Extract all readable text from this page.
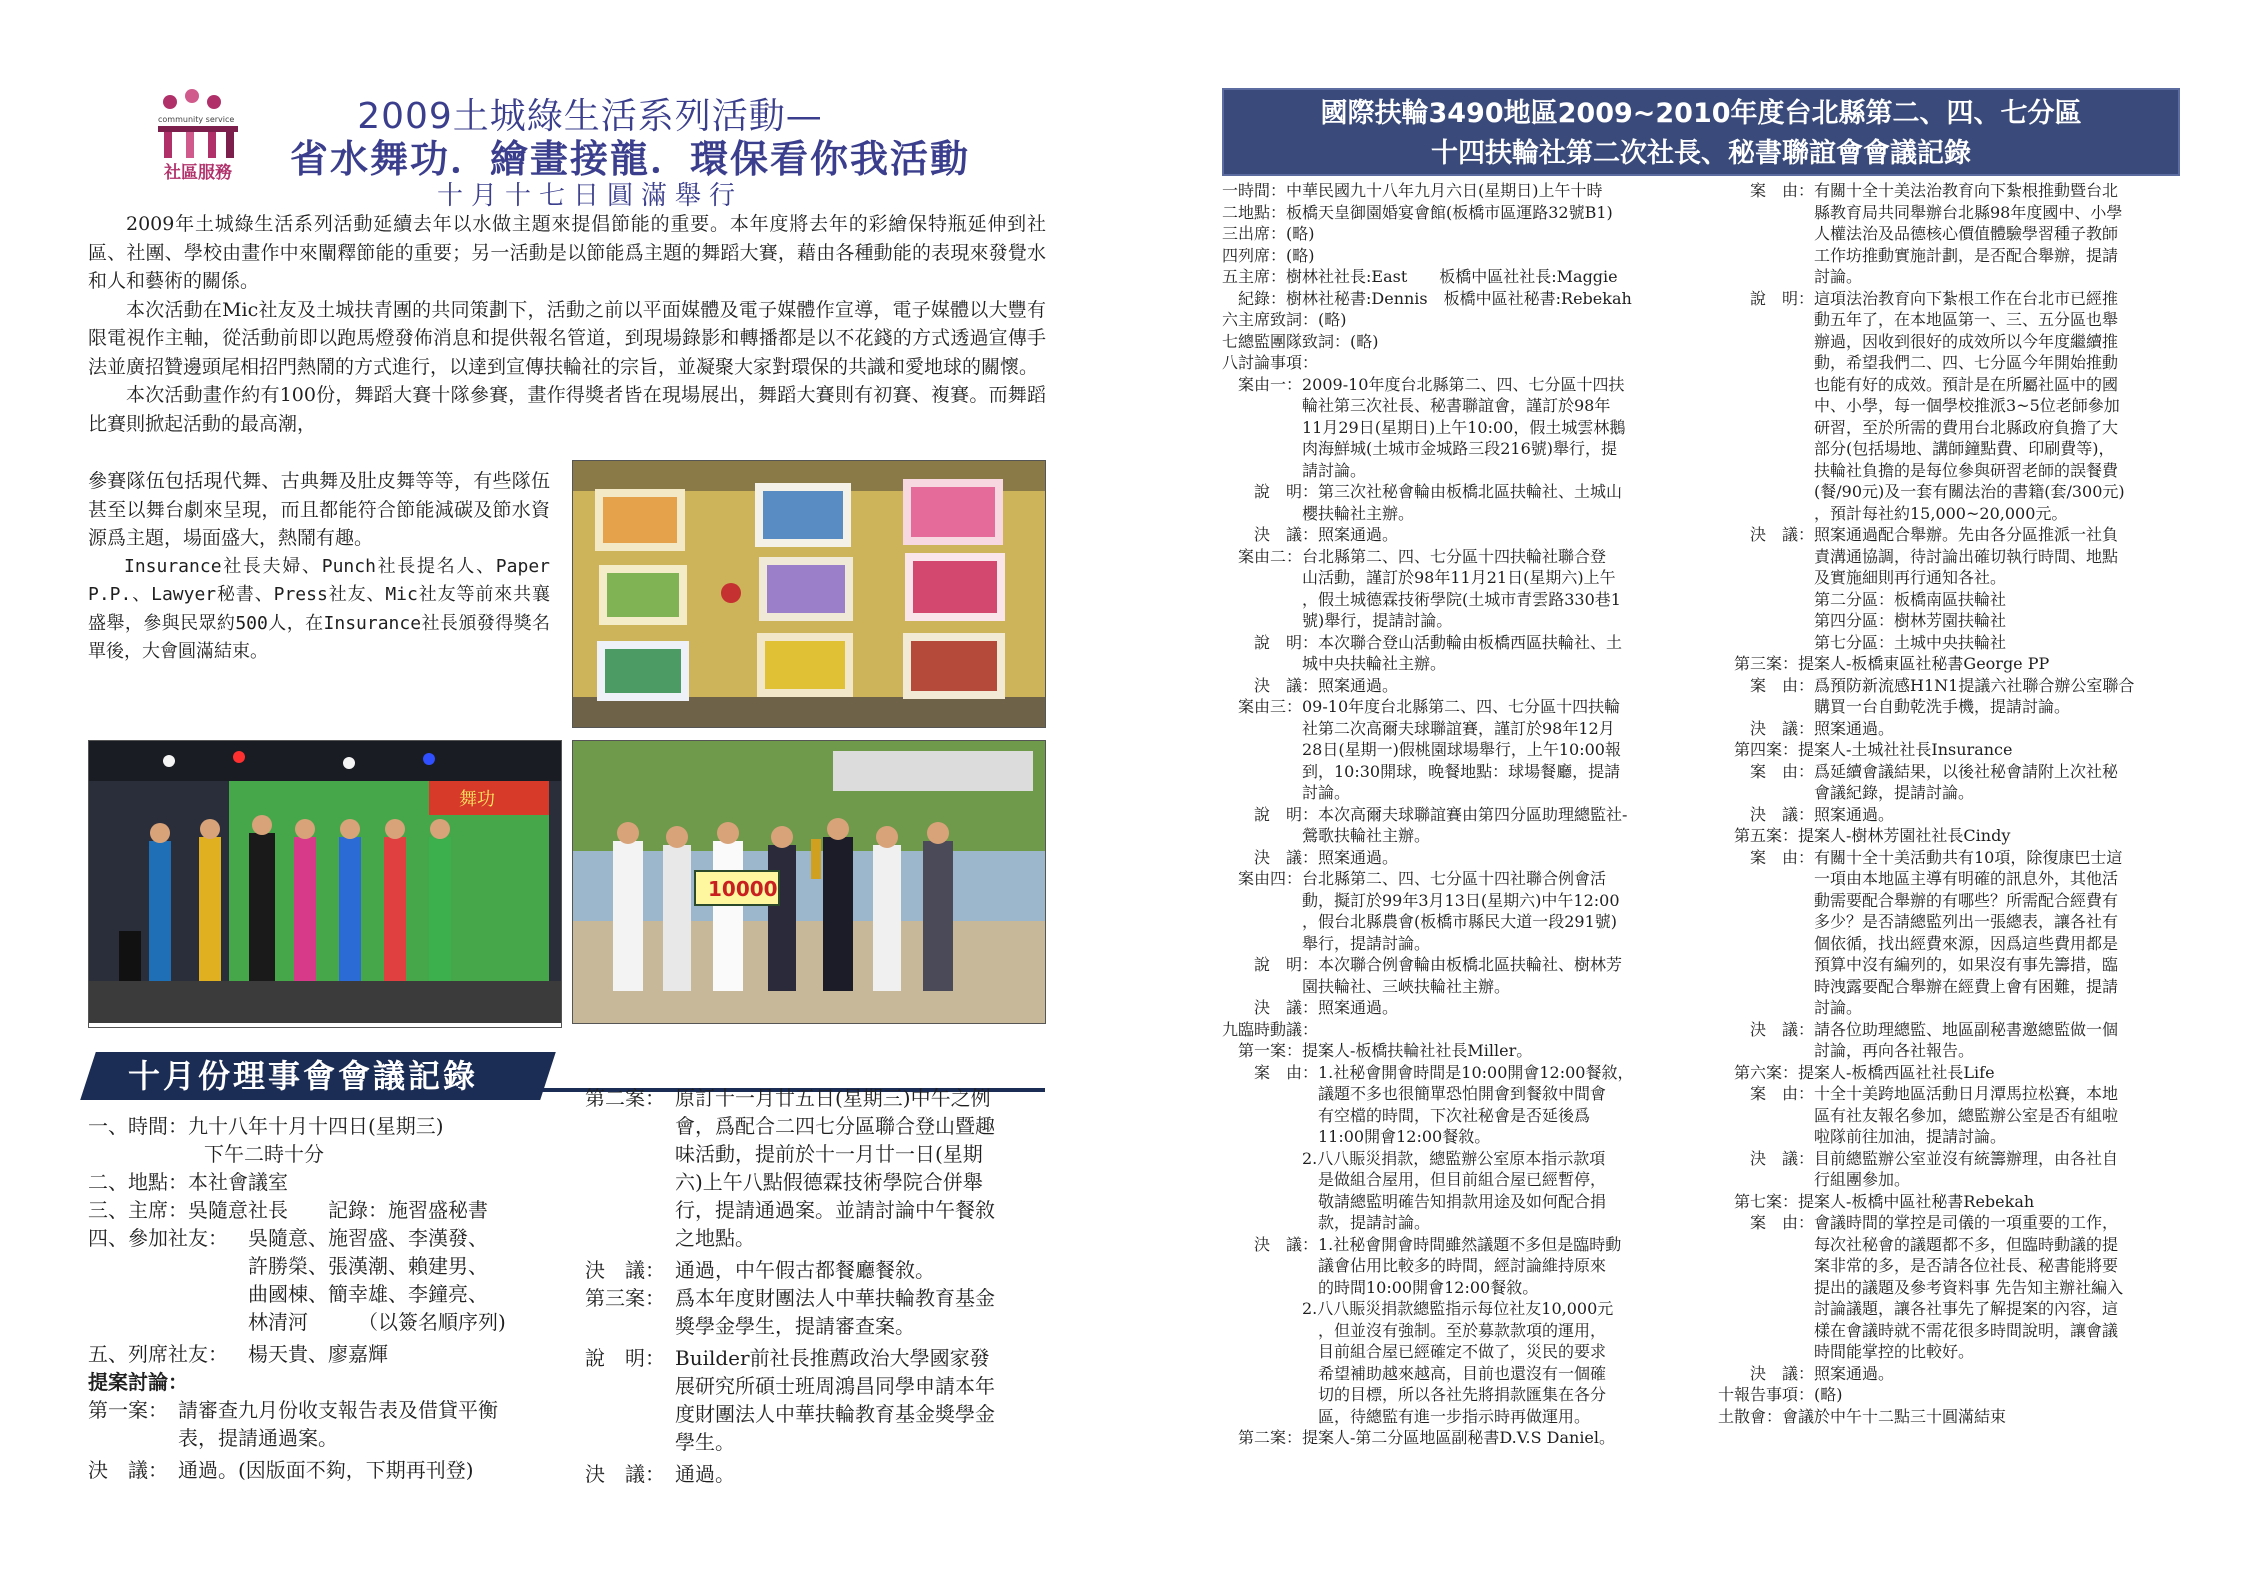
community service
社區服務
2009土城綠生活系列活動—
省水舞功．繪畫接龍．環保看你我活動
十月十七日圓滿舉行

2009年土城綠生活系列活動延續去年以水做主題來提倡節能的重要。本年度將去年的彩繪保特瓶延伸到社區、社團、學校由畫作中來闡釋節能的重要；另一活動是以節能爲主題的舞蹈大賽，藉由各種動能的表現來發覺水和人和藝術的關係。

本次活動在Mic社友及土城扶青團的共同策劃下，活動之前以平面媒體及電子媒體作宣導，電子媒體以大豐有限電視作主軸，從活動前即以跑馬燈發佈消息和提供報名管道，到現場錄影和轉播都是以不花錢的方式透過宣傳手法並廣招贊邊頭尾相招門熱鬧的方式進行，以達到宣傳扶輪社的宗旨，並凝聚大家對環保的共識和愛地球的關懷。

本次活動畫作約有100份，舞蹈大賽十隊參賽，畫作得獎者皆在現場展出，舞蹈大賽則有初賽、複賽。而舞蹈比賽則掀起活動的最高潮，

參賽隊伍包括現代舞、古典舞及肚皮舞等等，有些隊伍甚至以舞台劇來呈現，而且都能符合節能減碳及節水資源爲主題，場面盛大，熱鬧有趣。

Insurance社長夫婦、Punch社長提名人、Paper P.P.、Lawyer秘書、Press社友、Mic社友等前來共襄盛舉，參與民眾約500人，在Insurance社長頒發得獎名單後，大會圓滿結束。

舞功
10000
十月份理事會會議記錄
一、時間： 九十八年十月十四日(星期三)
下午二時十分
二、地點： 本社會議室
三、主席： 吳隨意社長　　記錄：施習盛秘書
四、參加社友： 吳隨意、施習盛、李漢發、
許勝榮、張漢潮、賴建男、
曲國棟、簡幸雄、李鐘亮、
林清河　　　（以簽名順序列)
五、列席社友： 楊天貴、廖嘉輝
提案討論：
第一案： 請審查九月份收支報告表及借貸平衡
表，提請通過案。
決　議： 通過。(因版面不夠，下期再刊登)
第二案： 原訂十一月廿五日(星期三)中午之例
會，爲配合二四七分區聯合登山暨趣
味活動，提前於十一月廿一日(星期
六)上午八點假德霖技術學院合併舉
行，提請通過案。並請討論中午餐敘
之地點。
決　議： 通過，中午假古都餐廳餐敘。
第三案： 爲本年度財團法人中華扶輪教育基金
獎學金學生，提請審查案。
說　明： Builder前社長推薦政治大學國家發
展研究所碩士班周鴻昌同學申請本年
度財團法人中華扶輪教育基金獎學金
學生。
決　議： 通過。
國際扶輪3490地區2009~2010年度台北縣第二、四、七分區
十四扶輪社第二次社長、秘書聯誼會會議記錄
一時間：中華民國九十八年九月六日(星期日)上午十時
二地點：板橋天皇御園婚宴會館(板橋市區運路32號B1)
三出席：(略)
四列席：(略)
五主席：樹林社社長:East　　板橋中區社社長:Maggie
　紀錄：樹林社秘書:Dennis　板橋中區社秘書:Rebekah
六主席致詞：(略)
七總監團隊致詞：(略)
八討論事項：
　案由一：2009-10年度台北縣第二、四、七分區十四扶
　　　　　輪社第三次社長、秘書聯誼會，謹訂於98年
　　　　　11月29日(星期日)上午10:00，假土城雲林鵝
　　　　　肉海鮮城(土城市金城路三段216號)舉行，提
　　　　　請討論。
　　說　明：第三次社秘會輪由板橋北區扶輪社、土城山
　　　　　櫻扶輪社主辦。
　　決　議：照案通過。
　案由二：台北縣第二、四、七分區十四扶輪社聯合登
　　　　　山活動，謹訂於98年11月21日(星期六)上午
　　　　　，假土城德霖技術學院(土城市青雲路330巷1
　　　　　號)舉行，提請討論。
　　說　明：本次聯合登山活動輪由板橋西區扶輪社、土
　　　　　城中央扶輪社主辦。
　　決　議：照案通過。
　案由三：09-10年度台北縣第二、四、七分區十四扶輪
　　　　　社第二次高爾夫球聯誼賽，謹訂於98年12月
　　　　　28日(星期一)假桃園球場舉行，上午10:00報
　　　　　到，10:30開球，晚餐地點：球場餐廳，提請
　　　　　討論。
　　說　明：本次高爾夫球聯誼賽由第四分區助理總監社-
　　　　　鶯歌扶輪社主辦。
　　決　議：照案通過。
　案由四：台北縣第二、四、七分區十四社聯合例會活
　　　　　動，擬訂於99年3月13日(星期六)中午12:00
　　　　　，假台北縣農會(板橋市縣民大道一段291號)
　　　　　舉行，提請討論。
　　說　明：本次聯合例會輪由板橋北區扶輪社、樹林芳
　　　　　園扶輪社、三峽扶輪社主辦。
　　決　議：照案通過。
九臨時動議：
　第一案：提案人-板橋扶輪社社長Miller。
　　案　由：1.社秘會開會時間是10:00開會12:00餐敘，
　　　　　　議題不多也很簡單恐怕開會到餐敘中間會
　　　　　　有空檔的時間，下次社秘會是否延後爲
　　　　　　11:00開會12:00餐敘。
　　　　　2.八八賑災捐款，總監辦公室原本指示款項
　　　　　　是做組合屋用，但目前組合屋已經暫停，
　　　　　　敬請總監明確告知捐款用途及如何配合捐
　　　　　　款，提請討論。
　　決　議：1.社秘會開會時間雖然議題不多但是臨時動
　　　　　　議會佔用比較多的時間，經討論維持原來
　　　　　　的時間10:00開會12:00餐敘。
　　　　　2.八八賑災捐款總監指示每位社友10,000元
　　　　　　，但並沒有強制。至於募款款項的運用，
　　　　　　目前組合屋已經確定不做了，災民的要求
　　　　　　希望補助越來越高，目前也還沒有一個確
　　　　　　切的目標，所以各社先將捐款匯集在各分
　　　　　　區，待總監有進一步指示時再做運用。
　第二案：提案人-第二分區地區副秘書D.V.S Daniel。
　　案　由：有關十全十美法治教育向下紮根推動暨台北
　　　　　　縣教育局共同舉辦台北縣98年度國中、小學
　　　　　　人權法治及品德核心價值體驗學習種子教師
　　　　　　工作坊推動實施計劃，是否配合舉辦，提請
　　　　　　討論。
　　說　明：這項法治教育向下紮根工作在台北市已經推
　　　　　　動五年了，在本地區第一、三、五分區也舉
　　　　　　辦過，因收到很好的成效所以今年度繼續推
　　　　　　動，希望我們二、四、七分區今年開始推動
　　　　　　也能有好的成效。預計是在所屬社區中的國
　　　　　　中、小學，每一個學校推派3~5位老師參加
　　　　　　研習，至於所需的費用台北縣政府負擔了大
　　　　　　部分(包括場地、講師鐘點費、印刷費等)，
　　　　　　扶輪社負擔的是每位參與研習老師的誤餐費
　　　　　　(餐/90元)及一套有關法治的書籍(套/300元)
　　　　　　，預計每社約15,000~20,000元。
　　決　議：照案通過配合舉辦。先由各分區推派一社負
　　　　　　責溝通協調，待討論出確切執行時間、地點
　　　　　　及實施細則再行通知各社。
　　　　　　第二分區：板橋南區扶輪社
　　　　　　第四分區：樹林芳園扶輪社
　　　　　　第七分區：土城中央扶輪社
　第三案：提案人-板橋東區社秘書George PP
　　案　由：爲預防新流感H1N1提議六社聯合辦公室聯合
　　　　　　購買一台自動乾洗手機，提請討論。
　　決　議：照案通過。
　第四案：提案人-土城社社長Insurance
　　案　由：爲延續會議結果，以後社秘會請附上次社秘
　　　　　　會議紀錄，提請討論。
　　決　議：照案通過。
　第五案：提案人-樹林芳園社社長Cindy
　　案　由：有關十全十美活動共有10項，除復康巴士這
　　　　　　一項由本地區主導有明確的訊息外，其他活
　　　　　　動需要配合舉辦的有哪些？所需配合經費有
　　　　　　多少？是否請總監列出一張總表，讓各社有
　　　　　　個依循，找出經費來源，因爲這些費用都是
　　　　　　預算中沒有編列的，如果沒有事先籌措，臨
　　　　　　時洩露要配合舉辦在經費上會有困難，提請
　　　　　　討論。
　　決　議：請各位助理總監、地區副秘書邀總監做一個
　　　　　　討論，再向各社報告。
　第六案：提案人-板橋西區社社長Life
　　案　由：十全十美跨地區活動日月潭馬拉松賽，本地
　　　　　　區有社友報名參加，總監辦公室是否有組啦
　　　　　　啦隊前往加油，提請討論。
　　決　議：目前總監辦公室並沒有統籌辦理，由各社自
　　　　　　行組團參加。
　第七案：提案人-板橋中區社秘書Rebekah
　　案　由：會議時間的掌控是司儀的一項重要的工作，
　　　　　　每次社秘會的議題都不多，但臨時動議的提
　　　　　　案非常的多，是否請各位社長、秘書能將要
　　　　　　提出的議題及參考資料事 先告知主辦社編入
　　　　　　討論議題，讓各社事先了解提案的內容，這
　　　　　　樣在會議時就不需花很多時間說明，讓會議
　　　　　　時間能掌控的比較好。
　　決　議：照案通過。
十報告事項：(略)
土散會：會議於中午十二點三十圓滿結束
